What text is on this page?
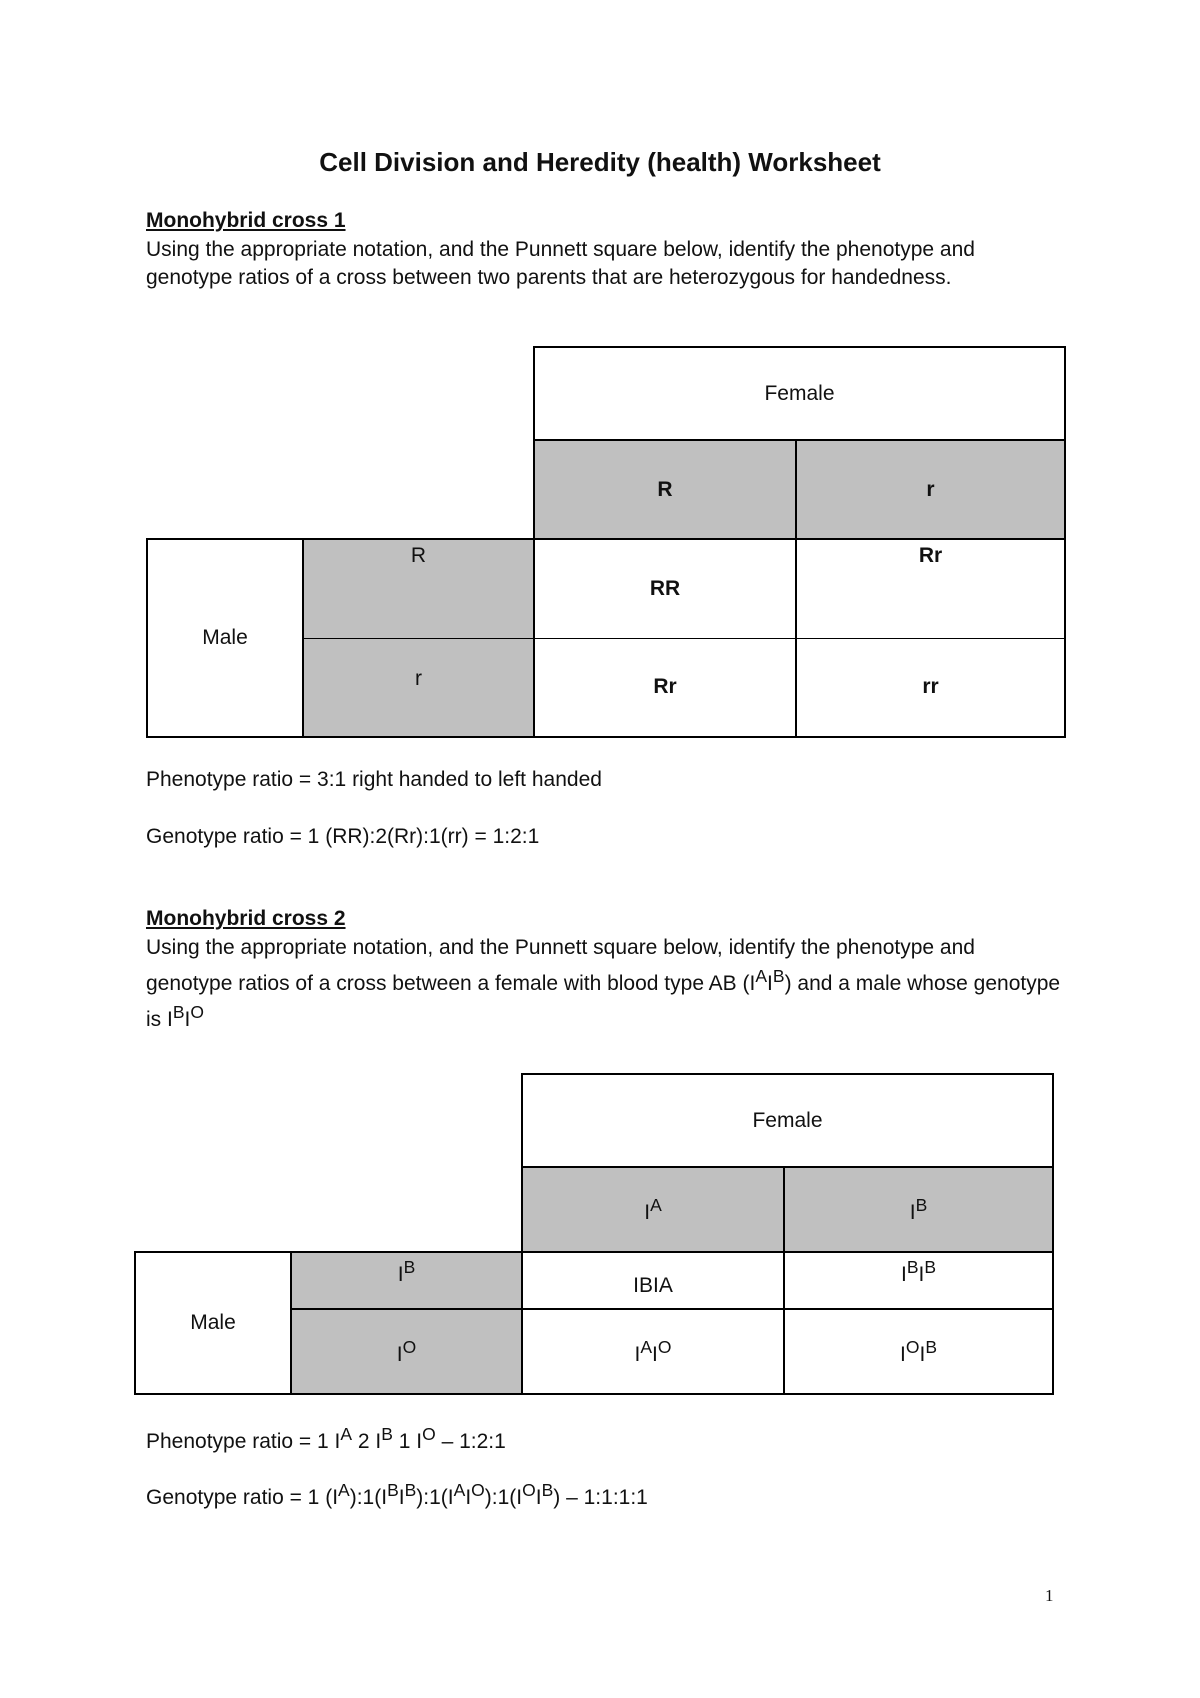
Cell Division and Heredity (health) Worksheet
Monohybrid cross 1
Using the appropriate notation, and the Punnett square below, identify the phenotype and genotype ratios of a cross between two parents that are heterozygous for handedness.
		Female	
		R	r
Male	R	RR	Rr
	r	Rr	rr
Phenotype ratio = 3:1 right handed to left handed
Genotype ratio = 1 (RR):2(Rr):1(rr) = 1:2:1
Monohybrid cross 2
Using the appropriate notation, and the Punnett square below, identify the phenotype and genotype ratios of a cross between a female with blood type AB $(I^AI^B)$ and a male whose genotype is $I^BI^O$
		Female	
		$I^A$	$I^B$
Male	$I^B$	IBIA	$I^BI^B$
	$I^O$	$I^AI^O$	$I^OI^B$
Phenotype ratio = 1 $I^A$ 2 $I^B$ 1 $I^O$ – 1:2:1
Genotype ratio = 1 $(I^A):1(I^BI^B):1(I^AI^O):1(I^OI^B)$ – 1:1:1:1
1
